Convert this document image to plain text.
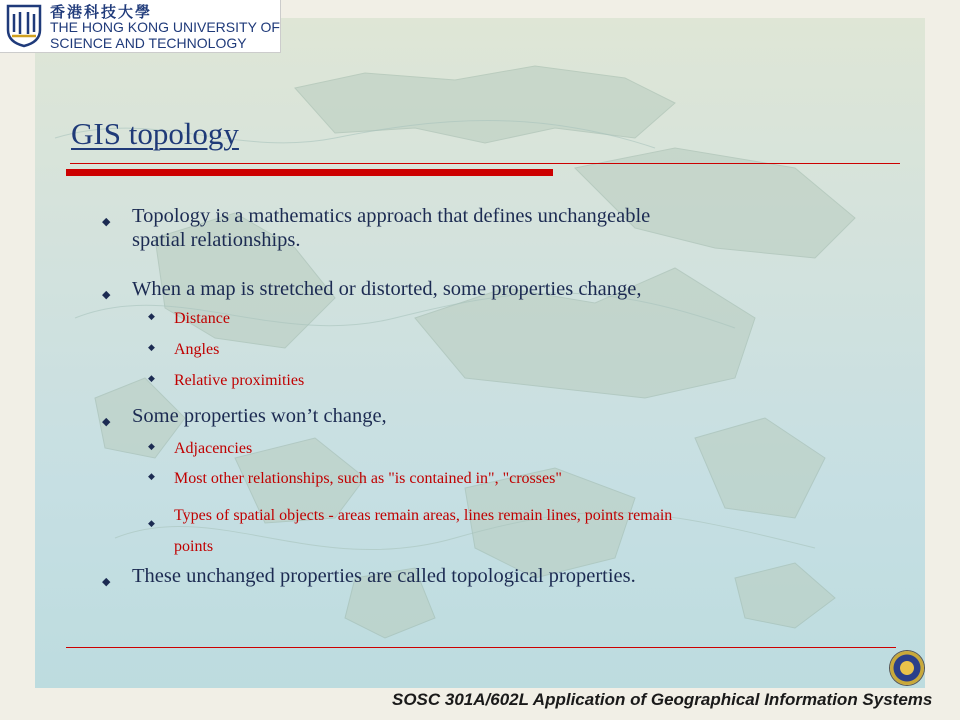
香港科技大學
THE HONG KONG UNIVERSITY OF
SCIENCE AND TECHNOLOGY
GIS topology
◆ Topology is a mathematics approach that defines unchangeable
spatial relationships.
◆ When a map is stretched or distorted, some properties change,
◆ Distance
◆ Angles
◆ Relative proximities
◆ Some properties won’t change,
◆ Adjacencies
◆ Most other relationships, such as "is contained in", "crosses"
◆ Types of spatial objects - areas remain areas, lines remain lines, points remain
points
◆ These unchanged properties are called topological properties.
SOSC 301A/602L Application of Geographical Information Systems
